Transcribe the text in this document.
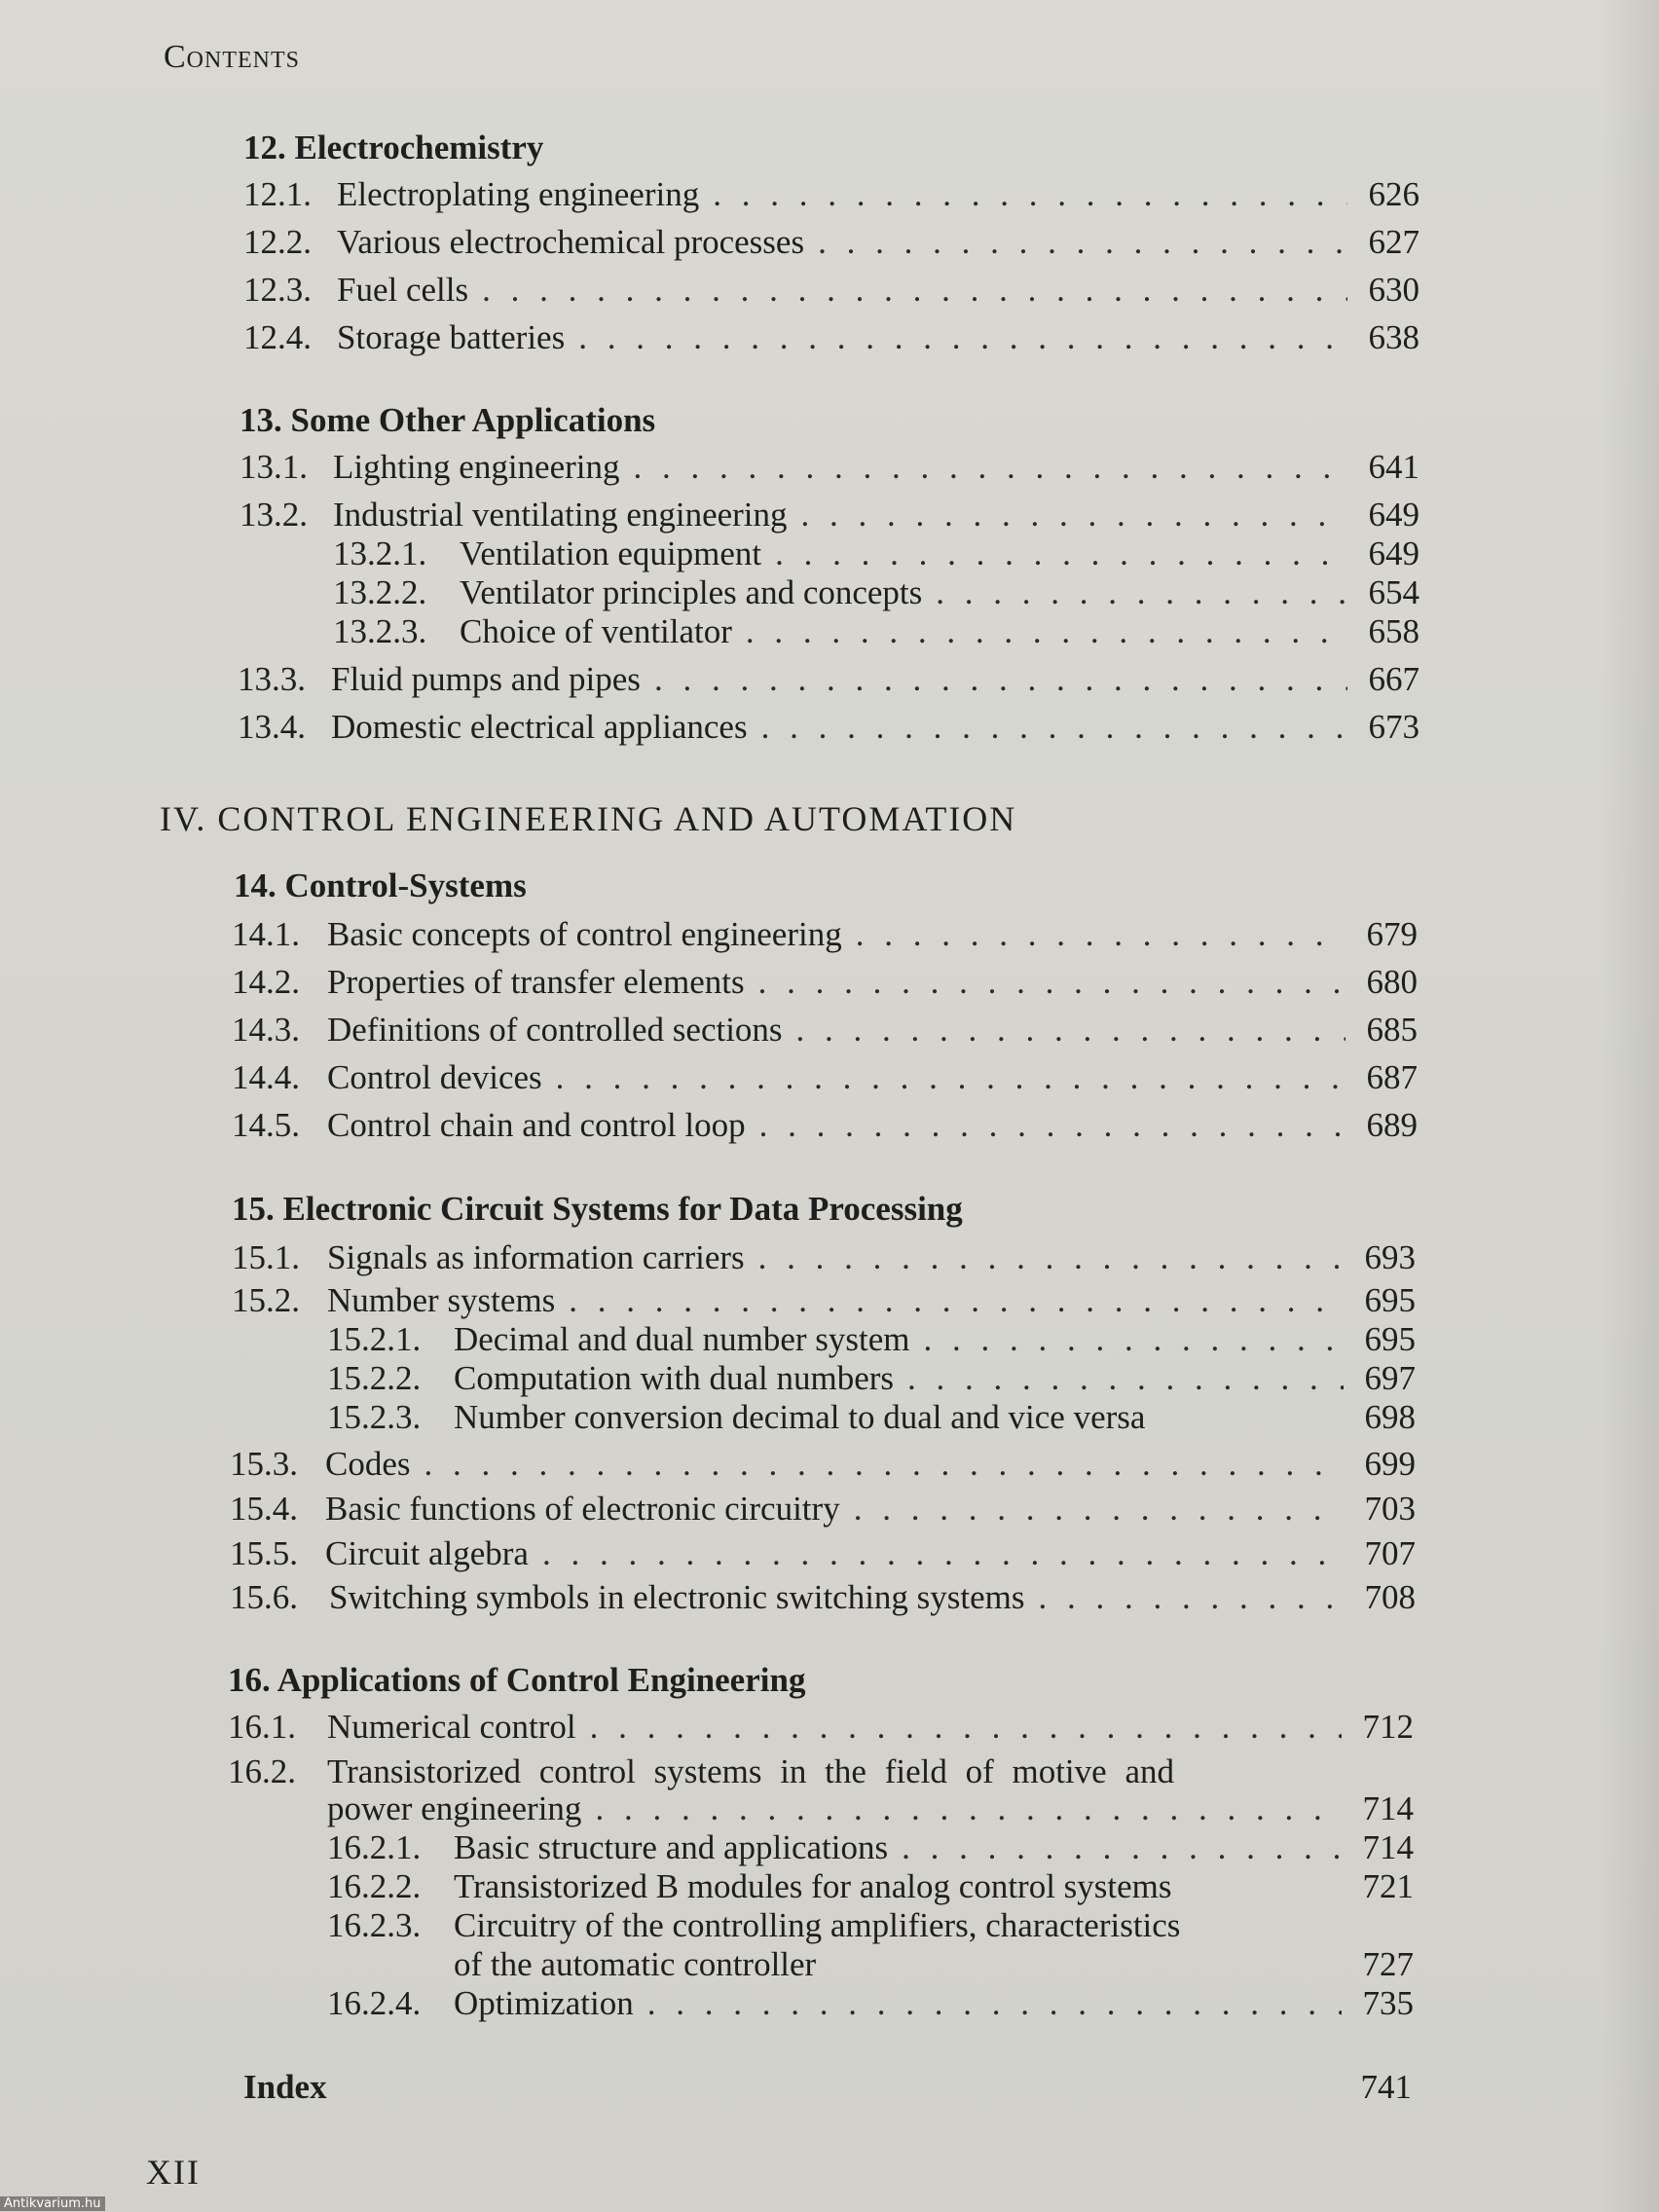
Contents
12. Electrochemistry
12.1. Electroplating engineering . . .	626
12.2. Various electrochemical processes . . .	627
12.3. Fuel cells . . .	630
12.4. Storage batteries . . .	638
13. Some Other Applications
13.1. Lighting engineering . . .	641
13.2. Industrial ventilating engineering . . .	649
13.2.1. Ventilation equipment . . .	649
13.2.2. Ventilator principles and concepts . . .	654
13.2.3. Choice of ventilator . . .	658
13.3. Fluid pumps and pipes . . .	667
13.4. Domestic electrical appliances . . .	673
IV. CONTROL ENGINEERING AND AUTOMATION
14. Control-Systems
14.1. Basic concepts of control engineering . . .	679
14.2. Properties of transfer elements . . .	680
14.3. Definitions of controlled sections . . .	685
14.4. Control devices . . .	687
14.5. Control chain and control loop . . .	689
15. Electronic Circuit Systems for Data Processing
15.1. Signals as information carriers . . .	693
15.2. Number systems . . .	695
15.2.1. Decimal and dual number system . . .	695
15.2.2. Computation with dual numbers . . .	697
15.2.3. Number conversion decimal to dual and vice versa	698
15.3. Codes . . .	699
15.4. Basic functions of electronic circuitry . . .	703
15.5. Circuit algebra . . .	707
15.6. Switching symbols in electronic switching systems . . .	708
16. Applications of Control Engineering
16.1. Numerical control . . .	712
16.2. Transistorized control systems in the field of motive and
power engineering . . .	714
16.2.1. Basic structure and applications . . .	714
16.2.2. Transistorized B modules for analog control systems	721
16.2.3. Circuitry of the controlling amplifiers, characteristics
of the automatic controller	727
16.2.4. Optimization . . .	735
Index	741
XII
Antikvarium.hu
